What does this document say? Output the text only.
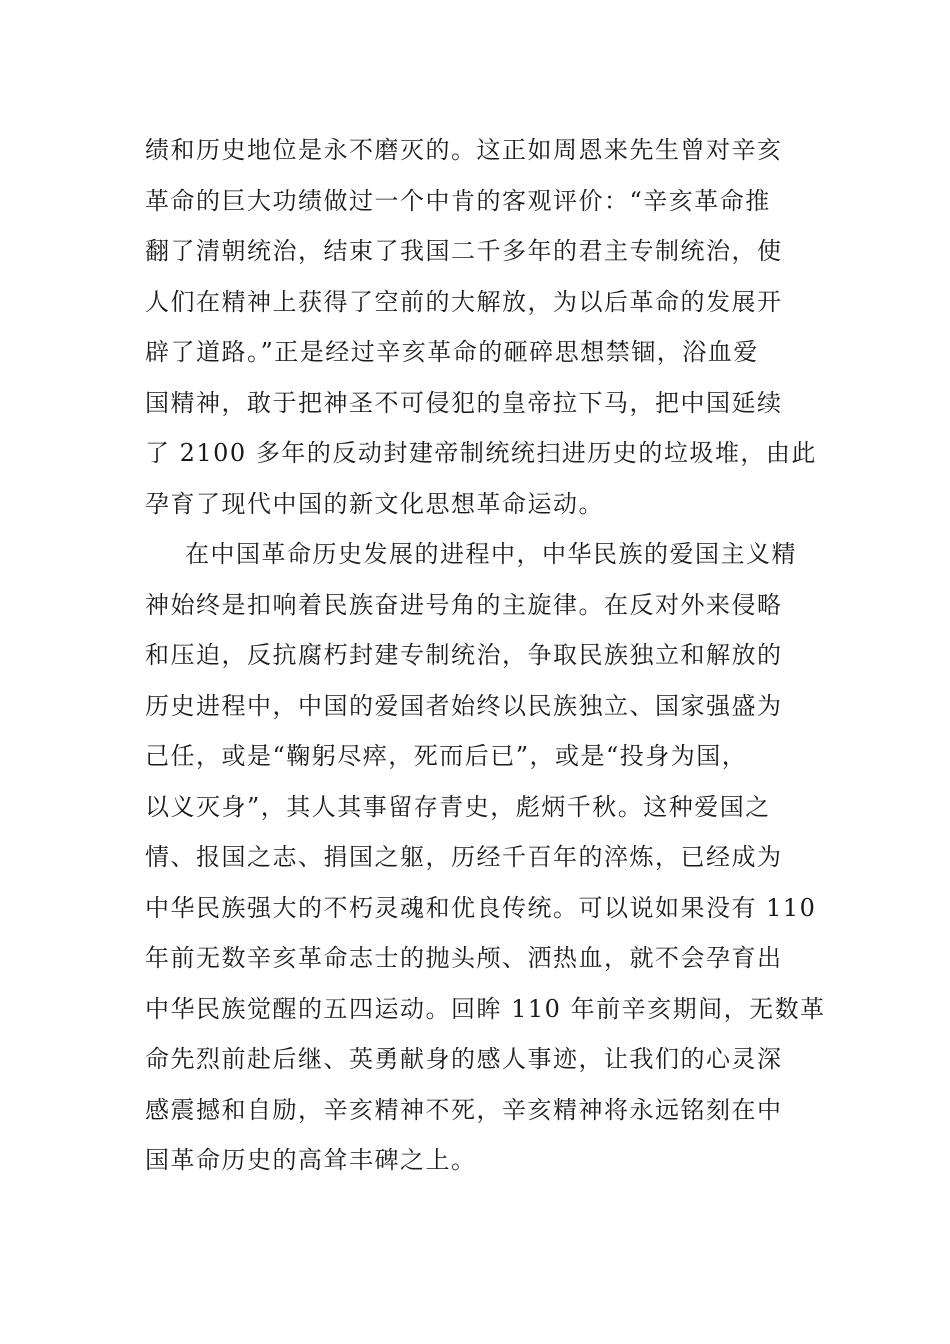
绩和历史地位是永不磨灭的。这正如周恩来先生曾对辛亥
革命的巨大功绩做过一个中肯的客观评价：“辛亥革命推
翻了清朝统治，结束了我国二千多年的君主专制统治，使
人们在精神上获得了空前的大解放，为以后革命的发展开
辟了道路。”正是经过辛亥革命的砸碎思想禁锢，浴血爱
国精神，敢于把神圣不可侵犯的皇帝拉下马，把中国延续
了 2100 多年的反动封建帝制统统扫进历史的垃圾堆，由此
孕育了现代中国的新文化思想革命运动。
在中国革命历史发展的进程中，中华民族的爱国主义精
神始终是扣响着民族奋进号角的主旋律。在反对外来侵略
和压迫，反抗腐朽封建专制统治，争取民族独立和解放的
历史进程中，中国的爱国者始终以民族独立、国家强盛为
己任，或是“鞠躬尽瘁，死而后已”，或是“投身为国，
以义灭身”，其人其事留存青史，彪炳千秋。这种爱国之
情、报国之志、捐国之躯，历经千百年的淬炼，已经成为
中华民族强大的不朽灵魂和优良传统。可以说如果没有 110
年前无数辛亥革命志士的抛头颅、洒热血，就不会孕育出
中华民族觉醒的五四运动。回眸 110 年前辛亥期间，无数革
命先烈前赴后继、英勇献身的感人事迹，让我们的心灵深
感震撼和自励，辛亥精神不死，辛亥精神将永远铭刻在中
国革命历史的高耸丰碑之上。
